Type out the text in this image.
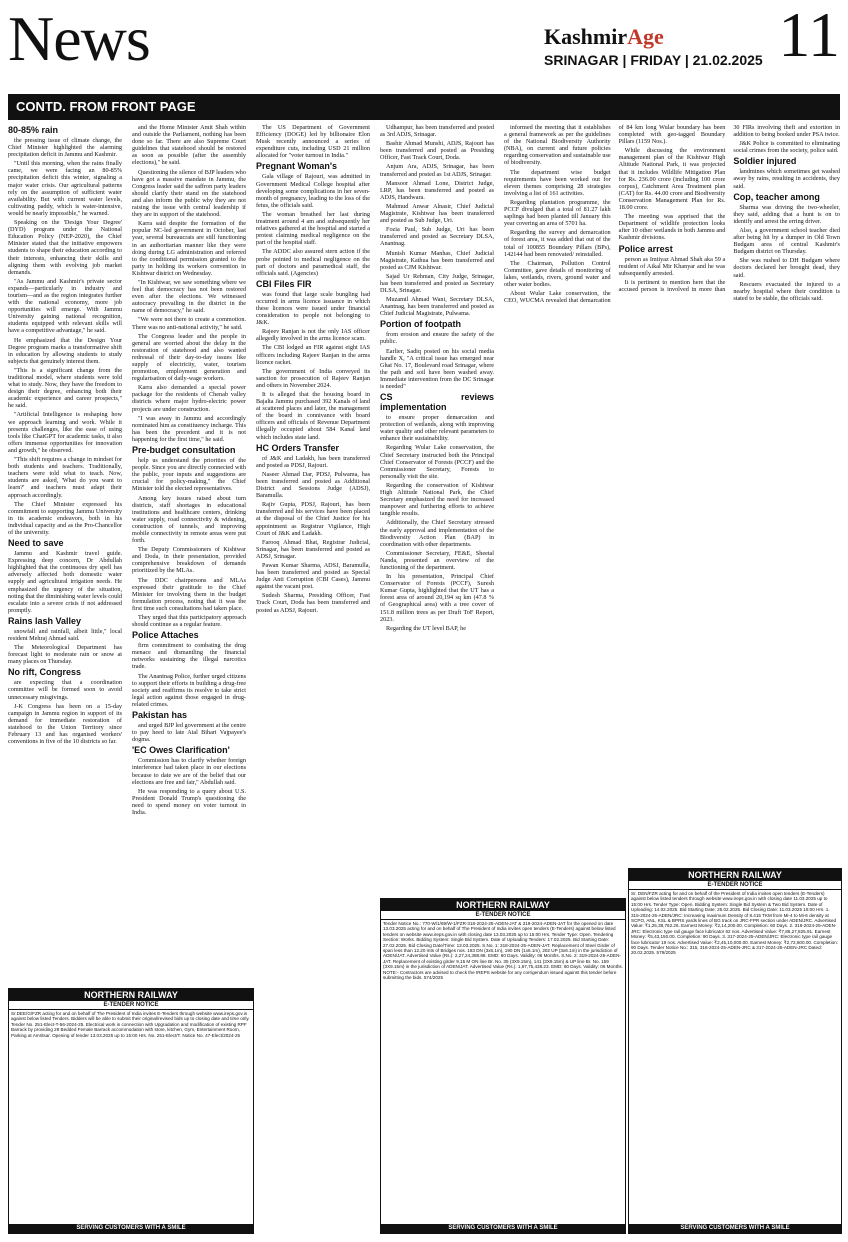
News	KashmirAge
SRINAGAR | FRIDAY | 21.02.2025 11
CONTD. FROM FRONT PAGE
80-85% rain

the pressing issue of climate change, the Chief Minister highlighted the alarming precipitation deficit in Jammu and Kashmir.

"Until this morning, when the rains finally came, we were facing an 80-85% precipitation deficit this winter, signaling a major water crisis. Our agricultural patterns rely on the assumption of sufficient water availability. But with current water levels, cultivating paddy, which is water-intensive, would be nearly impossible," he warned.

Speaking on the 'Design Your Degree' (DYD) program under the National Education Policy (NEP-2020), the Chief Minister stated that the initiative empowers students to shape their education according to their interests, enhancing their skills and aligning them with evolving job market demands.

"As Jammu and Kashmir's private sector expands—particularly in industry and tourism—and as the region integrates further with the national economy, more job opportunities will emerge. With Jammu University gaining national recognition, students equipped with relevant skills will have a competitive advantage," he said.

He emphasized that the Design Your Degree program marks a transformative shift in education by allowing students to study subjects that genuinely interest them.

"This is a significant change from the traditional model, where students were told what to study. Now, they have the freedom to design their degree, enhancing both their academic experience and career prospects," he said.

"Artificial Intelligence is reshaping how we approach learning and work. While it presents challenges, like the ease of using tools like ChatGPT for academic tasks, it also offers immense opportunities for innovation and growth," he observed.

"This shift requires a change in mindset for both students and teachers. Traditionally, teachers were told what to teach. Now, students are asked, 'What do you want to learn?' and teachers must adapt their approach accordingly.

The Chief Minister expressed his commitment to supporting Jammu University in its academic endeavors, both in his individual capacity and as the Pro-Chancellor of the university.

Need to save

Jammu and Kashmir travel guide. Expressing deep concern, Dr Abdullah highlighted that the continuous dry spell has adversely affected both domestic water supply and agricultural irrigation needs. He emphasized the urgency of the situation, noting that the diminishing water levels could escalate into a severe crisis if not addressed promptly.

Rains lash Valley

snowfall and rainfall, albeit little," local resident Mehraj Ahmad said.

The Meteorological Department has forecast light to moderate rain or snow at many places on Thursday.

No rift, Congress

are expecting that a coordination committee will be formed soon to avoid unnecessary misgivings.

J-K Congress has been on a 15-day campaign in Jammu region in support of its demand for immediate restoration of statehood to the Union Territory since February 13 and has organised workers' conventions in five of the 10 districts so far.

and the Home Minister Amit Shah within and outside the Parliament, nothing has been done so far. There are also Supreme Court guidelines that statehood should be restored as soon as possible (after the assembly elections)," he said.

Questioning the silence of BJP leaders who have got a massive mandate in Jammu, the Congress leader said the saffron party leaders should clarify their stand on the statehood and also inform the public why they are not raising the issue with central leadership if they are in support of the statehood.

Karra said despite the formation of the popular NC-led government in October, last year, several bureaucrats are still functioning in an authoritarian manner like they were doing during LG administration and referred to the conditional permission granted to the party in holding its workers convention in Kishtwar district on Wednesday.

"In Kishtwar, we saw something where we feel that democracy has not been restored even after the elections. We witnessed autocracy prevailing in the district in the name of democracy," he said.

"We were not there to create a commotion. There was no anti-national activity," he said.

The Congress leader and the people in general are worried about the delay in the restoration of statehood and also wanted redressal of their day-to-day issues like supply of electricity, water, tourism promotion, employment generation and regularisation of daily-wage workers.

Karra also demanded a special power package for the residents of Chenab valley districts where major hydro-electric power projects are under construction.

"I was away in Jammu and accordingly nominated him as constituency incharge. This has been the precedent and it is not happening for the first time," he said.

Pre-budget consultation

help us understand the priorities of the people. Since you are directly connected with the public, your inputs and suggestions are crucial for policy-making," the Chief Minister told the elected representatives.

Among key issues raised about turn districts, staff shortages in educational institutions and healthcare centers, drinking water supply, road connectivity & widening, construction of tunnels, and improving mobile connectivity in remote areas were put forth.

The Deputy Commissioners of Kishtwar and Doda, in their presentation, provided comprehensive breakdown of demands prioritized by the MLAs.

The DDC chairpersons and MLAs expressed their gratitude to the Chief Minister for involving them in the budget formulation process, noting that it was the first time such consultations had taken place.

They urged that this participatory approach should continue as a regular feature.

Police Attaches

firm commitment to combating the drug menace and dismantling the financial networks sustaining the illegal narcotics trade.

The Anantnag Police, further urged citizens to support their efforts in building a drug-free society and reaffirms its resolve to take strict legal action against those engaged in drug-related crimes.

Pakistan has

and urged BJP led government at the centre to pay heed to late Atal Bihari Vajpayee's dogma.

'EC Owes Clarification'

Commission has to clarify whether foreign interference had taken place in our elections because to date we are of the belief that our elections are free and fair," Abdullah said.

He was responding to a query about U.S. President Donald Trump's questioning the need to spend money on voter turnout in India.

The US Department of Government Efficiency (DOGE) led by billionaire Elon Musk recently announced a series of expenditure cuts, including USD 21 million allocated for "voter turnout in India."

Pregnant Woman's

Gala village of Rajouri, was admitted in Government Medical College hospital after developing some complications in her seven-month of pregnancy, leading to the loss of the fetus, the officials said.

The woman breathed her last during treatment around 4 am and subsequently her relatives gathered at the hospital and started a protest claiming medical negligence on the part of the hospital staff.

The ADDC also assured stern action if the probe pointed to medical negligence on the part of doctors and paramedical staff, the officials said. (Agencies)

CBI Files FIR

was found that large scale bungling had occurred in arms licence issuance in which these licences were issued under financial consideration to people not belonging to J&K.

Rajeev Ranjan is not the only IAS officer allegedly involved in the arms licence scam.

The CBI lodged an FIR against eight IAS officers including Rajeev Ranjan in the arms licence racket.

The government of India conveyed its sanction for prosecution of Rajeev Ranjan and others in November 2024.

It is alleged that the housing board in Bajalta Jammu purchased 392 Kanals of land at scattered places and later, the management of the board in connivance with board officers and officials of Revenue Department illegally occupied about 584 Kanal land which includes state land.

HC Orders Transfer

of J&K and Ladakh, has been transferred and posted as PDSJ, Rajouri.

Naseer Ahmad Dar, PDSJ, Pulwama, has been transferred and posted as Additional District and Sessions Judge (ADSJ), Baramulla.

Rajiv Gupta, PDSJ, Rajouri, has been transferred and his services have been placed at the disposal of the Chief Justice for his appointment as Registrar Vigilance, High Court of J&K and Ladakh.

Farooq Ahmad Bhat, Registrar Judicial, Srinagar, has been transferred and posted as ADSJ, Srinagar.

Pawan Kumar Sharma, ADSJ, Baramulla, has been transferred and posted as Special Judge Anti Corruption (CBI Cases), Jammu against the vacant post.

Sudesh Sharma, Presiding Officer, Fast Track Court, Doda has been transferred and posted as ADSJ, Rajouri.

Udhampur, has been transferred and posted as 3rd ADJS, Srinagar.

Bashir Ahmad Munshi, ADJS, Rajouri has been transferred and posted as Presiding Officer, Fast Track Court, Doda.

Anjum Ara, ADJS, Srinagar, has been transferred and posted as 1st ADJS, Srinagar.

Mansoor Ahmad Lone, District Judge, LRP, has been transferred and posted as ADJS, Handwara.

Mahmud Anwar Alnasir, Chief Judicial Magistrate, Kishtwar has been transferred and posted as Sub Judge, Uri.

Fozia Paul, Sub Judge, Uri has been transferred and posted as Secretary DLSA, Anantnag.

Munish Kumar Manhas, Chief Judicial Magistrate, Kathua has been transferred and posted as CJM Kishtwar.

Sajad Ur Rehman, City Judge, Srinagar, has been transferred and posted as Secretary DLSA, Srinagar.

Muzamil Ahmad Wani, Secretary DLSA, Anantnag, has been transferred and posted as Chief Judicial Magistrate, Pulwama.

Portion of footpath

from erosion and ensure the safety of the public.

Earlier, Sadiq posted on his social media handle X, "A critical issue has emerged near Ghat No. 17, Boulevard road Srinagar, where the path and soil have been washed away. Immediate intervention from the DC Srinagar is needed"

CS reviews implementation

to ensure proper demarcation and protection of wetlands, along with improving water quality and other relevant parameters to enhance their sustainability.

Regarding Wular Lake conservation, the Chief Secretary instructed both the Principal Chief Conservator of Forests (PCCF) and the Commissioner Secretary, Forests to personally visit the site.

Regarding the conservation of Kishtwar High Altitude National Park, the Chief Secretary emphasized the need for increased manpower and furthering efforts to achieve tangible results.

Additionally, the Chief Secretary stressed the early approval and implementation of the Biodiversity Action Plan (BAP) in coordination with other departments.

Commissioner Secretary, FE&E, Sheetal Nanda, presented an overview of the functioning of the department.

In his presentation, Principal Chief Conservator of Forests (PCCF), Suresh Kumar Gupta, highlighted that the UT has a forest area of around 20,194 sq km (47.8 % of Geographical area) with a tree cover of 151.8 million trees as per Draft ToF Report, 2023.

Regarding the UT level BAP, he

informed the meeting that it establishes a general framework as per the guidelines of the National Biodiversity Authority (NBA), on current and future policies regarding conservation and sustainable use of biodiversity.

The department wise budget requirements have been worked out for eleven themes comprising 28 strategies involving a list of 161 activities.

Regarding plantation programme, the PCCF divulged that a total of 81.27 lakh saplings had been planted till January this year covering an area of 5701 ha.

Regarding the survey and demarcation of forest area, it was added that out of the total of 100855 Boundary Pillars (BPs), 142144 had been renovated/ reinstalled.

The Chairman, Pollution Control Committee, gave details of monitoring of lakes, wetlands, rivers, ground water and other water bodies.

About Wular Lake conservation, the CEO, WUCMA revealed that demarcation of 84 km long Wular boundary has been completed with geo-tagged Boundary Pillars (1159 Nos.).

While discussing the environment management plan of the Kishtwar High Altitude National Park, it was projected that it includes Wildlife Mitigation Plan for Rs. 236.00 crore (including 100 crore corpus), Catchment Area Treatment plan (CAT) for Rs. 44.00 crore and Biodiversity Conservation Management Plan for Rs. 18.00 crore.

The meeting was apprised that the Department of wildlife protection looks after 10 other wetlands in both Jammu and Kashmir divisions.

Police arrest

person as Imtiyaz Ahmad Shah aka 59 a resident of Aikal Mir Khanyar and he was subsequently arrested.

It is pertinent to mention here that the accused person is involved in more than 30 FIRs involving theft and extortion in addition to being booked under PSA twice.

J&K Police is committed to eliminating social crimes from the society, police said.

Soldier injured

landmines which sometimes get washed away by rains, resulting in accidents, they said.

Cop, teacher among

Sharma was driving the two-wheeler, they said, adding that a hunt is on to identify and arrest the erring driver.

Also, a government school teacher died after being hit by a dumper in Old Town Budgam area of central Kashmir's Budgam district on Thursday.

She was rushed to DH Budgam where doctors declared her brought dead, they said.

Rescuers evacuated the injured to a nearby hospital where their condition is stated to be stable, the officials said.

NORTHERN RAILWAY
E-TENDER NOTICE
Sr.DEE/G/FZR acting for and on behalf of The President of India invites E-Tenders through website www.ireps.gov.in against below listed Tenders. Bidders will be able to submit their original/revised bids up to closing date and time only. Tender No. 251-Elect-T-56-2024-25. Electrical work in connection with Upgradation and modification of existing RPF Barrack by providing 28 Bedded Female Barrack accommodation with store, kitchen, Gym, Entertainment Room, Parking at Amritsar. Opening of tender 13.03.2025 up to 15:00 Hrs. No. 251-Elect/T. Notice No. 47-Elect/2024-25
SERVING CUSTOMERS WITH A SMILE
NORTHERN RAILWAY
E-TENDER NOTICE
Tender Notice No.: 770-W/1/69/W-1/FZR-318-2024-25-ADEN-JAT & 319-2024-ADEN-JAT for the opened on date 13.03.2025 acting for and on behalf of The President of India invites open tenders (E-Tenders) against below listed tenders on website www.ireps.gov.in with closing date 13.03.2025 up to 15:00 Hrs. Tender Type: Open. Tendering Section: Works. Bidding System: Single Bid System. Date of Uploading Tenders: 17.02.2025. Bid Starting Date: 27.02.2025. Bid Closing Date/Time: 13.03.2025. S.No. 1: 318-2024-25-ADEN-JAT. Replacement of Steel Girder of span less than 12.20 mts of Bridges nos. 183 DN (3x6.1m), 190 DN (1x6.1m), 202 UP (3x6.1m) in the jurisdiction of ADEN/JAT. Advertised Value (Rs.): 2,27,24,388.88. EMD: 60 Days. Validity: 06 Months. S.No. 2: 319-2024-25-ADEN-JAT. Replacement of existing girder 9.15 M ON line Br. No. 35 (3X9.15m), 141 (3X9.15m) & UP line Br. No. 159 (3X9.15m) in the jurisdiction of ADEN/JAT. Advertised Value (Rs.): 1,67,75,438.23. EMD: 60 Days. Validity: 06 Months. NOTE:- Contractors are advised to check the IREPS website for any corrigendum issued against this tender before submitting the bids. 574/2025
SERVING CUSTOMERS WITH A SMILE
NORTHERN RAILWAY
E-TENDER NOTICE
Sr. DEN/FZR acting for and on behalf of the President of India invites open tenders (E-Tenders) against below listed tenders through website www.ireps.gov.in with closing date 11.03.2025 up to 15:00 Hrs. Tender Type: Open. Bidding System: Single Bid System & Two Bid System. Date of Uploading: 14.02.2025. Bid Starting Date: 25.02.2025. Bid Closing Date: 11.03.2025 15:00 Hrs. 1. 315-2024-25-ADEN/JRC: Increasing maximum Density of 8.415 TKM from Mi-4 to Mi-6 density at SCPO, ANL, KSL & BPRS yards lines of BG track on JRC-FPR section under ADEN/JRC. Advertised Value: ₹1,25,38,762.26. Earnest Money: ₹2,14,200.00. Completion: 60 Days. 2. 316-2024-25-ADEN-JRC: Electronic type rail gauge face lubricator 62 nos. Advertised Value: ₹7,86,27,825.91. Earnest Money: ₹5,43,150.00. Completion: 90 Days. 3. 317-2024-25-ADEN/JRC: Electronic type rail gauge face lubricator 19 nos. Advertised Value: ₹2,45,10,000.00. Earnest Money: ₹2,72,600.00. Completion: 90 Days. Tender Notice No.: 315, 316-2024-25-ADEN-JRC & 317-2024-25-ADEN-JRC Dated: 20.02.2025. 579/2025
SERVING CUSTOMERS WITH A SMILE
